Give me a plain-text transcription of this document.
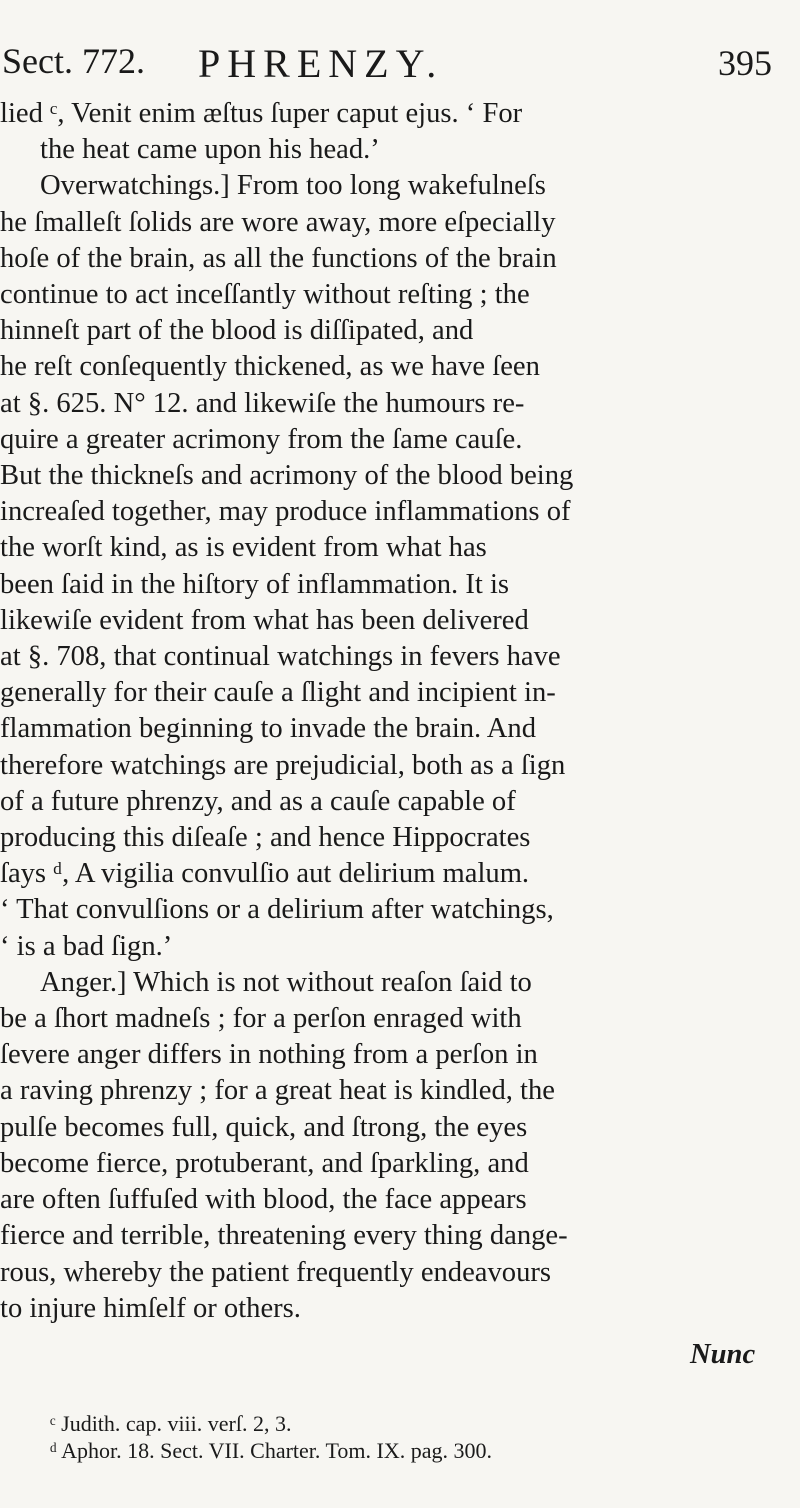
Sect. 772. PHRENZY.	395
lied ᶜ, Venit enim æſtus ſuper caput ejus. ‘ For
the heat came upon his head.’
Overwatchings.] From too long wakefulneſs
he ſmalleſt ſolids are wore away, more eſpecially
hoſe of the brain, as all the functions of the brain
continue to act inceſſantly without reſting ; the
hinneſt part of the blood is diſſipated, and
he reſt conſequently thickened, as we have ſeen
at §. 625. N° 12. and likewiſe the humours re-
quire a greater acrimony from the ſame cauſe.
But the thickneſs and acrimony of the blood being
increaſed together, may produce inflammations of
the worſt kind, as is evident from what has
been ſaid in the hiſtory of inflammation. It is
likewiſe evident from what has been delivered
at §. 708, that continual watchings in fevers have
generally for their cauſe a ſlight and incipient in-
flammation beginning to invade the brain. And
therefore watchings are prejudicial, both as a ſign
of a future phrenzy, and as a cauſe capable of
producing this diſeaſe ; and hence Hippocrates
ſays ᵈ, A vigilia convulſio aut delirium malum.
‘ That convulſions or a delirium after watchings,
‘ is a bad ſign.’
Anger.] Which is not without reaſon ſaid to
be a ſhort madneſs ; for a perſon enraged with
ſevere anger differs in nothing from a perſon in
a raving phrenzy ; for a great heat is kindled, the
pulſe becomes full, quick, and ſtrong, the eyes
become fierce, protuberant, and ſparkling, and
are often ſuffuſed with blood, the face appears
fierce and terrible, threatening every thing dange-
rous, whereby the patient frequently endeavours
to injure himſelf or others.
Nunc
ᶜ Judith. cap. viii. verſ. 2, 3.
ᵈ Aphor. 18. Sect. VII. Charter. Tom. IX. pag. 300.
